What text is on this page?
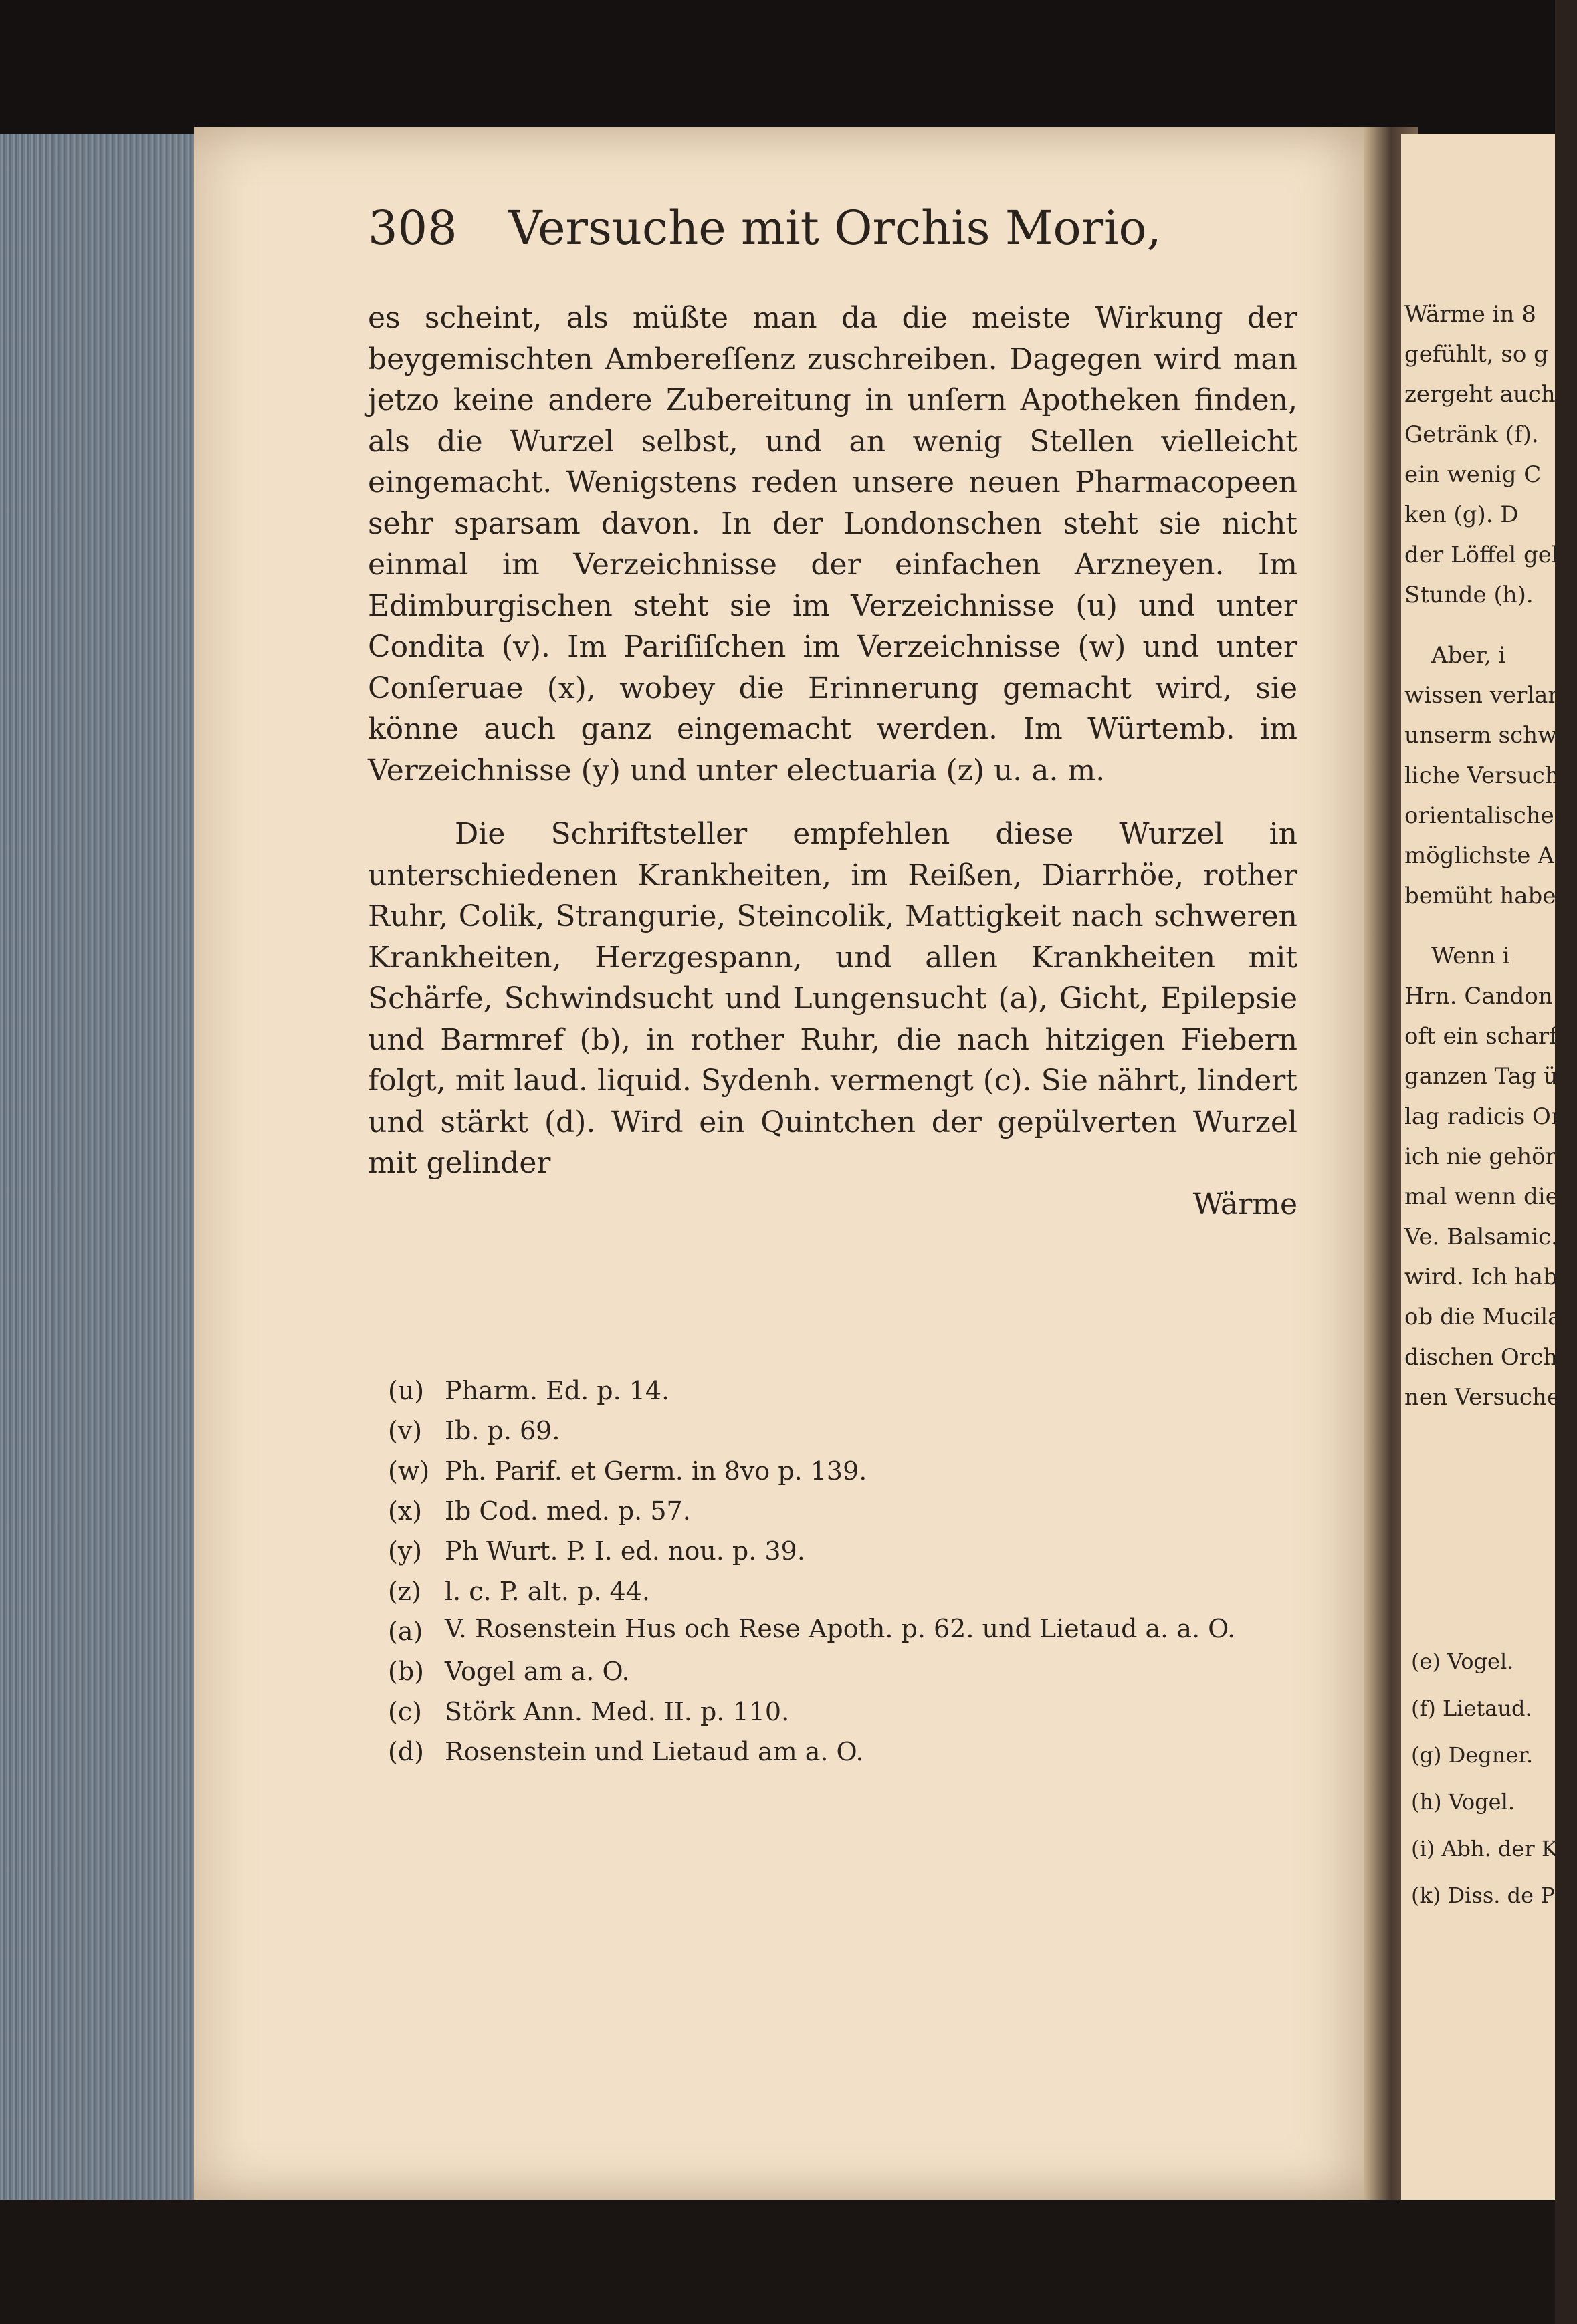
308 Versuche mit Orchis Morio,

es scheint, als müßte man da die meiste Wirkung der beygemischten Ambereſſenz zuschreiben. Dagegen wird man jetzo keine andere Zubereitung in unſern Apotheken finden, als die Wurzel selbst, und an wenig Stellen vielleicht eingemacht. Wenigstens reden unsere neuen Pharmacopeen sehr sparsam davon. In der Londonschen steht sie nicht einmal im Verzeichnisse der einfachen Arzneyen. Im Edimburgischen steht sie im Verzeichnisse (u) und unter Condita (v). Im Pariſiſchen im Verzeichnisse (w) und unter Conſeruae (x), wobey die Erinnerung gemacht wird, sie könne auch ganz eingemacht werden. Im Würtemb. im Verzeichnisse (y) und unter electuaria (z) u. a. m.

Die Schriftsteller empfehlen diese Wurzel in unterschiedenen Krankheiten, im Reißen, Diarrhöe, rother Ruhr, Colik, Strangurie, Steincolik, Mattigkeit nach schweren Krankheiten, Herzgespann, und allen Krankheiten mit Schärfe, Schwindsucht und Lungensucht (a), Gicht, Epilepsie und Barmref (b), in rother Ruhr, die nach hitzigen Fiebern folgt, mit laud. liquid. Sydenh. vermengt (c). Sie nährt, lindert und stärkt (d). Wird ein Quintchen der gepülverten Wurzel mit gelinder

Wärme
(u) Pharm. Ed. p. 14.
(v) Ib. p. 69.
(w) Ph. Parif. et Germ. in 8vo p. 139.
(x) Ib Cod. med. p. 57.
(y) Ph Wurt. P. I. ed. nou. p. 39.
(z) l. c. P. alt. p. 44.
(a) V. Rosenstein Hus och Rese Apoth. p. 62. und Lietaud a. a. O.
(b) Vogel am a. O.
(c) Störk Ann. Med. II. p. 110.
(d) Rosenstein und Lietaud am a. O.
Wärme in 8
gefühlt, so g
zergeht auch i
Getränk (f).
ein wenig C
ken (g). D
der Löffel geb
Stunde (h).
Aber, i
wissen verlang
unserm schwe
liche Versuch
orientalischen
möglichste A
bemüht habe
Wenn i
Hrn. Candon
oft ein scharfe
ganzen Tag ü
lag radicis Or
ich nie gehört
mal wenn die
Ve. Balsamic.
wird. Ich hab
ob die Mucilag
dischen Orchis
nen Versuchen
(e) Vogel.
(f) Lietaud.
(g) Degner.
(h) Vogel.
(i) Abh. der K.
(k) Diss. de Po
